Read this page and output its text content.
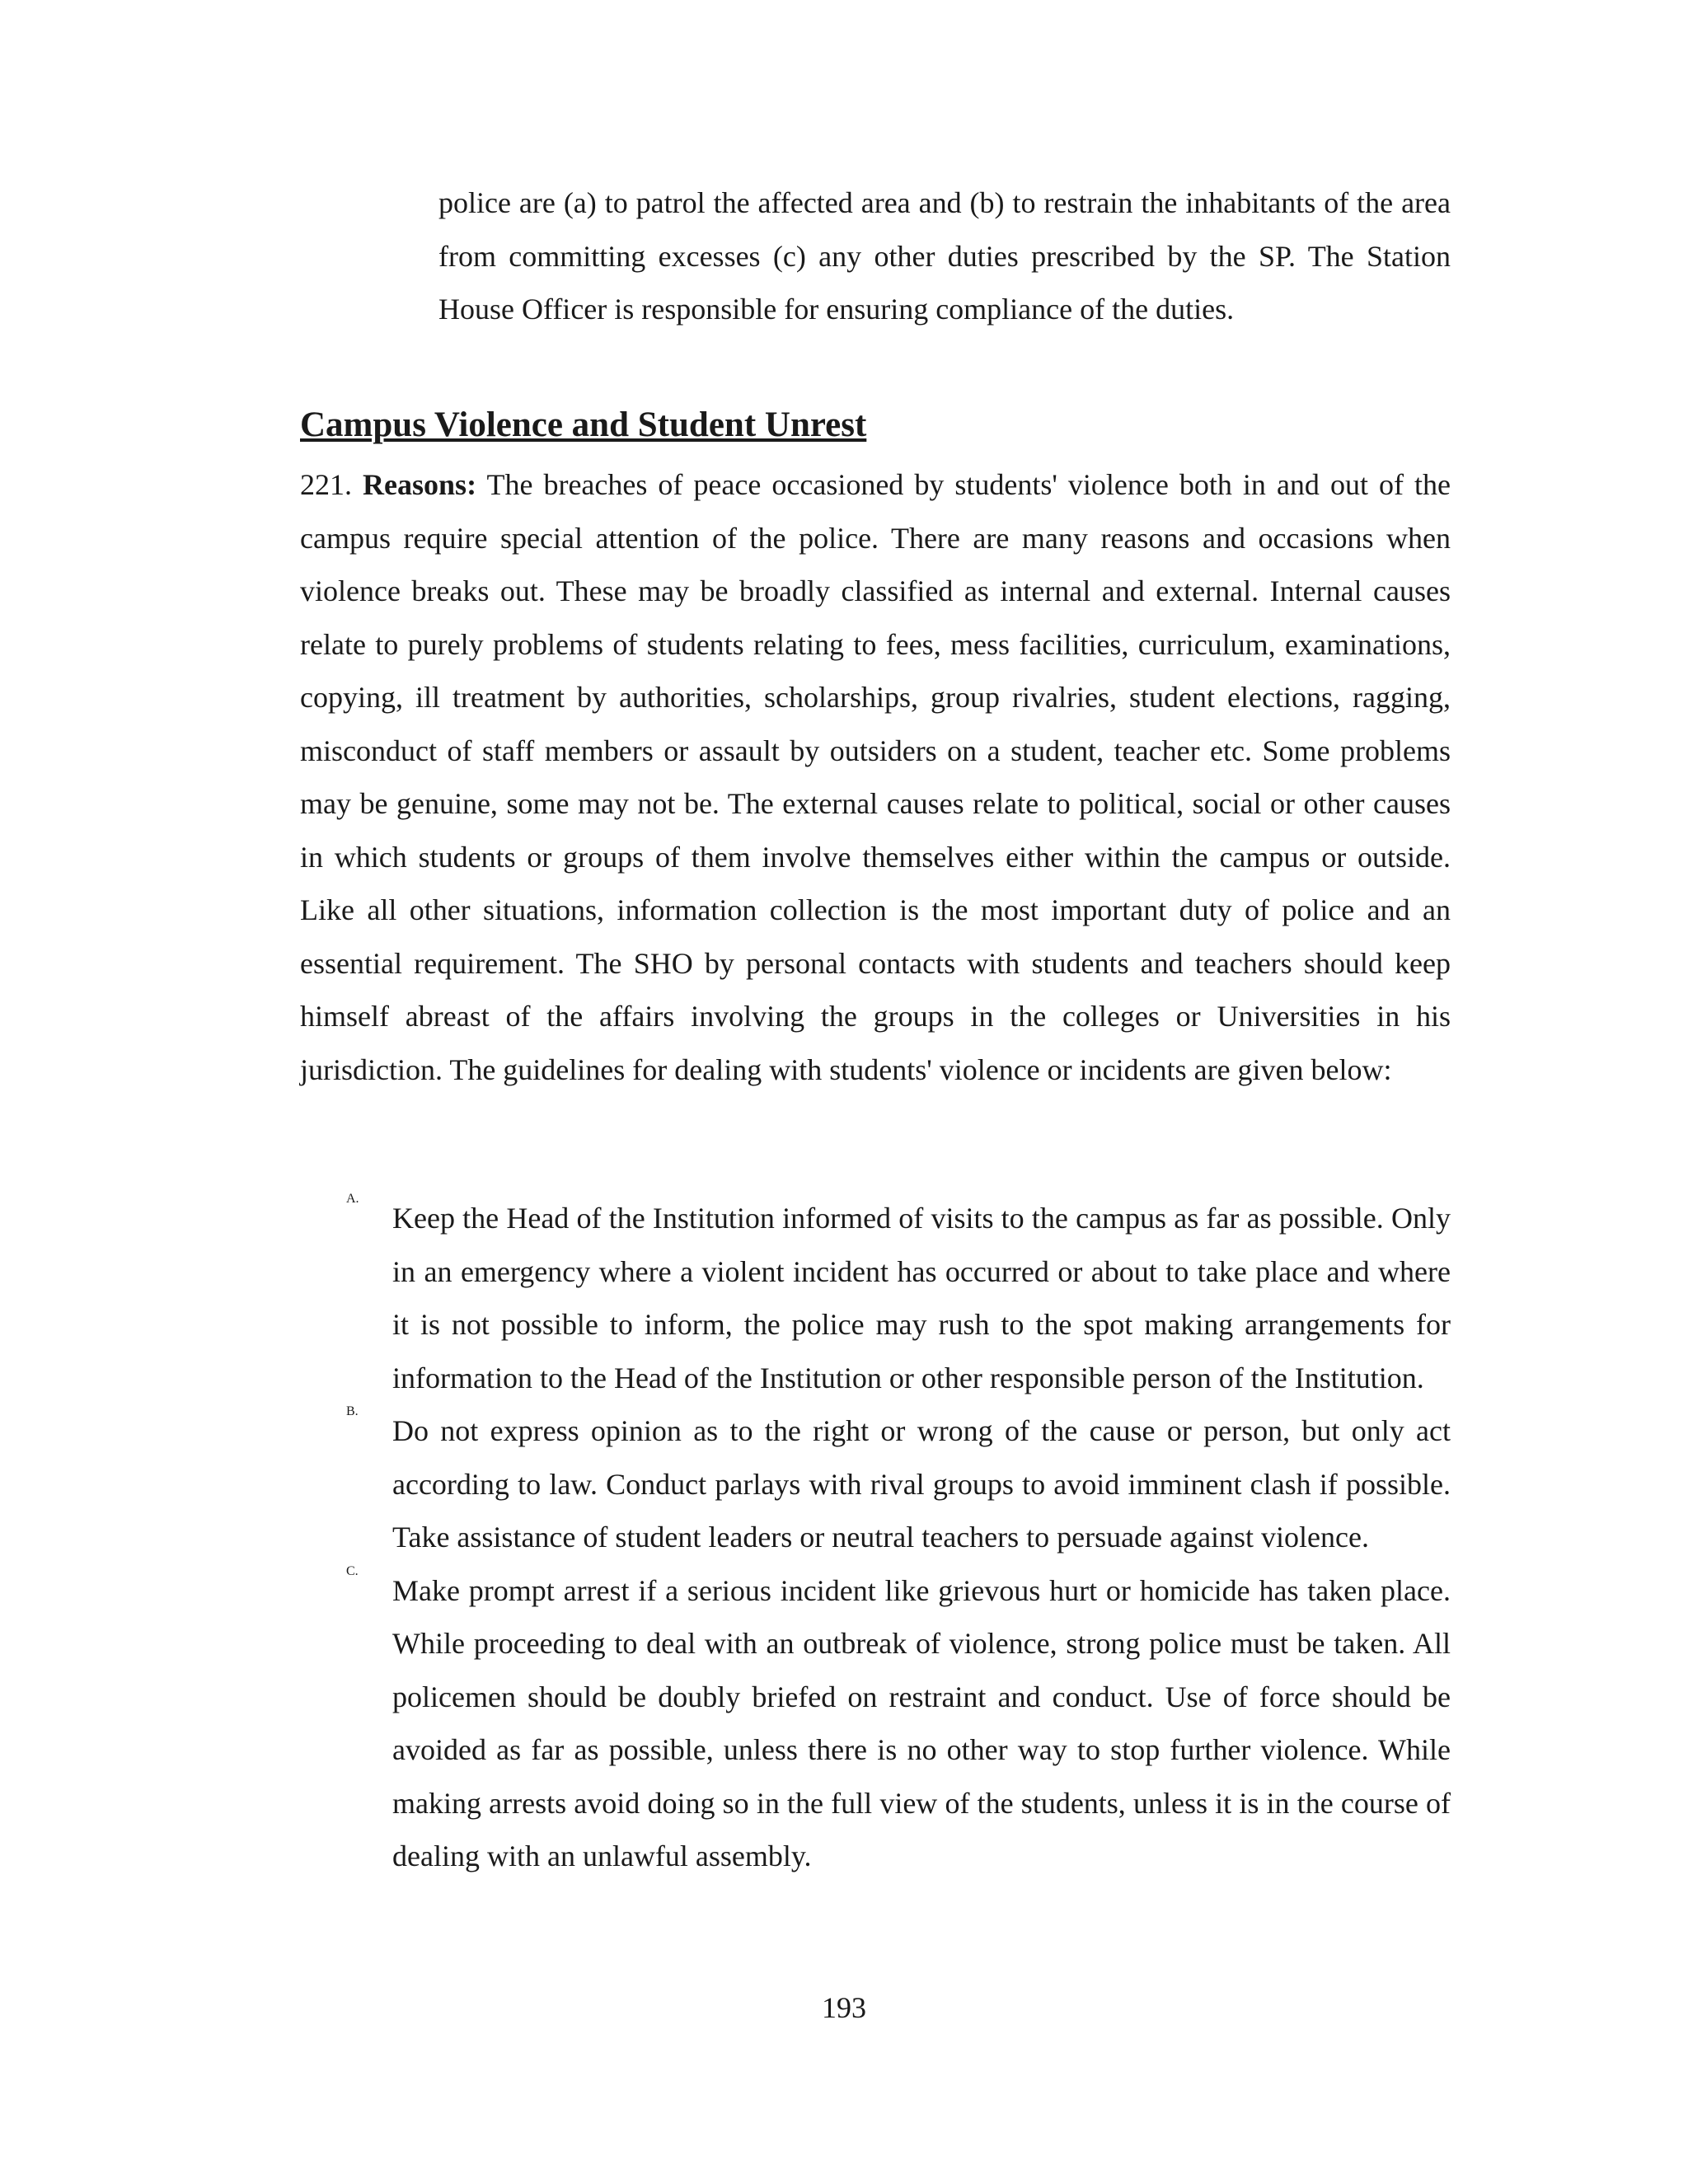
police are (a) to patrol the affected area and (b) to restrain the inhabitants of the area from committing excesses (c) any other duties prescribed by the SP. The Station House Officer is responsible for ensuring compliance of the duties.

Campus Violence and Student Unrest

221. Reasons: The breaches of peace occasioned by students' violence both in and out of the campus require special attention of the police. There are many reasons and occasions when violence breaks out. These may be broadly classified as internal and external. Internal causes relate to purely problems of students relating to fees, mess facilities, curriculum, examinations, copying, ill treatment by authorities, scholarships, group rivalries, student elections, ragging, misconduct of staff members or assault by outsiders on a student, teacher etc. Some problems may be genuine, some may not be. The external causes relate to political, social or other causes in which students or groups of them involve themselves either within the campus or outside. Like all other situations, information collection is the most important duty of police and an essential requirement. The SHO by personal contacts with students and teachers should keep himself abreast of the affairs involving the groups in the colleges or Universities in his jurisdiction. The guidelines for dealing with students' violence or incidents are given below:

A.

Keep the Head of the Institution informed of visits to the campus as far as possible. Only in an emergency where a violent incident has occurred or about to take place and where it is not possible to inform, the police may rush to the spot making arrangements for information to the Head of the Institution or other responsible person of the Institution.

B.

Do not express opinion as to the right or wrong of the cause or person, but only act according to law. Conduct parlays with rival groups to avoid imminent clash if possible. Take assistance of student leaders or neutral teachers to persuade against violence.

C.

Make prompt arrest if a serious incident like grievous hurt or homicide has taken place. While proceeding to deal with an outbreak of violence, strong police must be taken. All policemen should be doubly briefed on restraint and conduct. Use of force should be avoided as far as possible, unless there is no other way to stop further violence. While making arrests avoid doing so in the full view of the students, unless it is in the course of dealing with an unlawful assembly.

193
